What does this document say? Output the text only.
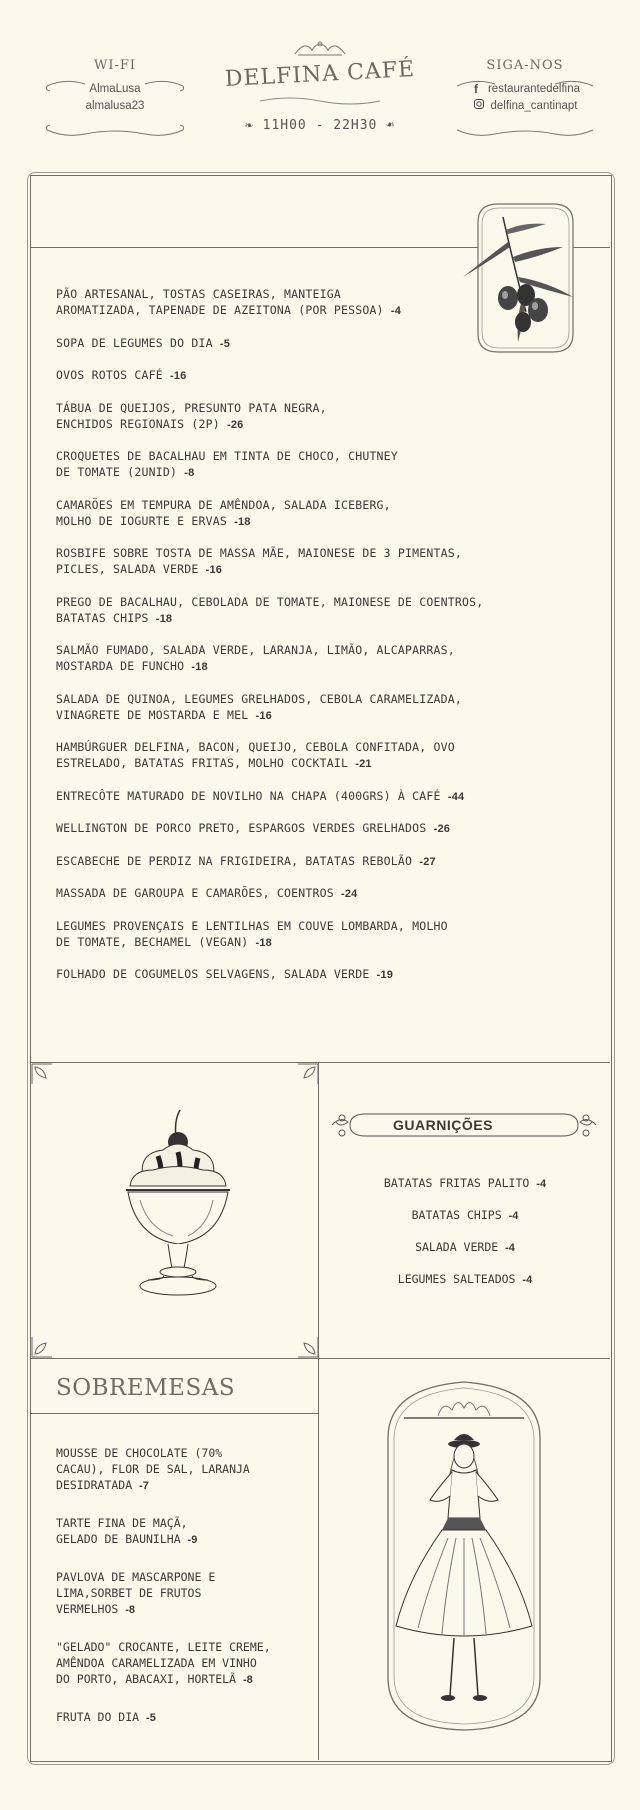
WI-FI
AlmaLusa
almalusa23
DELFINA CAFÉ
❧ 11H00 - 22H30 ☙
SIGA-NOS
f restaurantedelfina
delfina_cantinapt
PÃO ARTESANAL, TOSTAS CASEIRAS, MANTEIGA
AROMATIZADA, TAPENADE DE AZEITONA (POR PESSOA) -4
SOPA DE LEGUMES DO DIA -5
OVOS ROTOS CAFÉ -16
TÁBUA DE QUEIJOS, PRESUNTO PATA NEGRA,
ENCHIDOS REGIONAIS (2P) -26
CROQUETES DE BACALHAU EM TINTA DE CHOCO, CHUTNEY
DE TOMATE (2UNID) -8
CAMARÕES EM TEMPURA DE AMÊNDOA, SALADA ICEBERG,
MOLHO DE IOGURTE E ERVAS -18
ROSBIFE SOBRE TOSTA DE MASSA MÃE, MAIONESE DE 3 PIMENTAS,
PICLES, SALADA VERDE -16
PREGO DE BACALHAU, CEBOLADA DE TOMATE, MAIONESE DE COENTROS,
BATATAS CHIPS -18
SALMÃO FUMADO, SALADA VERDE, LARANJA, LIMÃO, ALCAPARRAS,
MOSTARDA DE FUNCHO -18
SALADA DE QUINOA, LEGUMES GRELHADOS, CEBOLA CARAMELIZADA,
VINAGRETE DE MOSTARDA E MEL -16
HAMBÚRGUER DELFINA, BACON, QUEIJO, CEBOLA CONFITADA, OVO
ESTRELADO, BATATAS FRITAS, MOLHO COCKTAIL -21
ENTRECÔTE MATURADO DE NOVILHO NA CHAPA (400GRS) À CAFÉ -44
WELLINGTON DE PORCO PRETO, ESPARGOS VERDES GRELHADOS -26
ESCABECHE DE PERDIZ NA FRIGIDEIRA, BATATAS REBOLÃO -27
MASSADA DE GAROUPA E CAMARÕES, COENTROS -24
LEGUMES PROVENÇAIS E LENTILHAS EM COUVE LOMBARDA, MOLHO
DE TOMATE, BECHAMEL (VEGAN) -18
FOLHADO DE COGUMELOS SELVAGENS, SALADA VERDE -19
GUARNIÇÕES
BATATAS FRITAS PALITO -4
BATATAS CHIPS -4
SALADA VERDE -4
LEGUMES SALTEADOS -4
SOBREMESAS
MOUSSE DE CHOCOLATE (70%
CACAU), FLOR DE SAL, LARANJA
DESIDRATADA -7
TARTE FINA DE MAÇÃ,
GELADO DE BAUNILHA -9
PAVLOVA DE MASCARPONE E
LIMA,SORBET DE FRUTOS
VERMELHOS -8
"GELADO" CROCANTE, LEITE CREME,
AMÊNDOA CARAMELIZADA EM VINHO
DO PORTO, ABACAXI, HORTELÃ -8
FRUTA DO DIA -5
